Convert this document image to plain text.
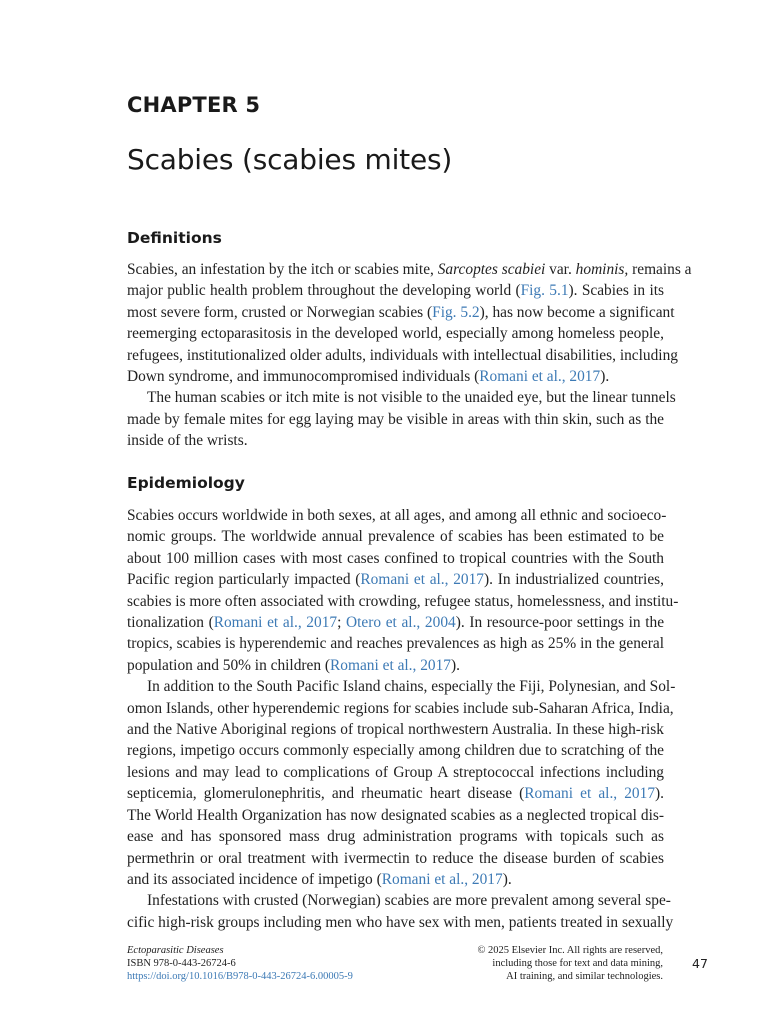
CHAPTER 5
Scabies (scabies mites)
Definitions

Scabies, an infestation by the itch or scabies mite, Sarcoptes scabiei var. hominis, remains a
major public health problem throughout the developing world (Fig. 5.1). Scabies in its
most severe form, crusted or Norwegian scabies (Fig. 5.2), has now become a significant
reemerging ectoparasitosis in the developed world, especially among homeless people,
refugees, institutionalized older adults, individuals with intellectual disabilities, including
Down syndrome, and immunocompromised individuals (Romani et al., 2017).

The human scabies or itch mite is not visible to the unaided eye, but the linear tunnels
made by female mites for egg laying may be visible in areas with thin skin, such as the
inside of the wrists.

Epidemiology

Scabies occurs worldwide in both sexes, at all ages, and among all ethnic and socioeco-
nomic groups. The worldwide annual prevalence of scabies has been estimated to be
about 100 million cases with most cases confined to tropical countries with the South
Pacific region particularly impacted (Romani et al., 2017). In industrialized countries,
scabies is more often associated with crowding, refugee status, homelessness, and institu-
tionalization (Romani et al., 2017; Otero et al., 2004). In resource-poor settings in the
tropics, scabies is hyperendemic and reaches prevalences as high as 25% in the general
population and 50% in children (Romani et al., 2017).

In addition to the South Pacific Island chains, especially the Fiji, Polynesian, and Sol-
omon Islands, other hyperendemic regions for scabies include sub-Saharan Africa, India,
and the Native Aboriginal regions of tropical northwestern Australia. In these high-risk
regions, impetigo occurs commonly especially among children due to scratching of the
lesions and may lead to complications of Group A streptococcal infections including
septicemia, glomerulonephritis, and rheumatic heart disease (Romani et al., 2017).
The World Health Organization has now designated scabies as a neglected tropical dis-
ease and has sponsored mass drug administration programs with topicals such as
permethrin or oral treatment with ivermectin to reduce the disease burden of scabies
and its associated incidence of impetigo (Romani et al., 2017).

Infestations with crusted (Norwegian) scabies are more prevalent among several spe-
cific high-risk groups including men who have sex with men, patients treated in sexually

Ectoparasitic Diseases
ISBN 978-0-443-26724-6
https://doi.org/10.1016/B978-0-443-26724-6.00005-9
© 2025 Elsevier Inc. All rights are reserved,
including those for text and data mining,
AI training, and similar technologies.
47
